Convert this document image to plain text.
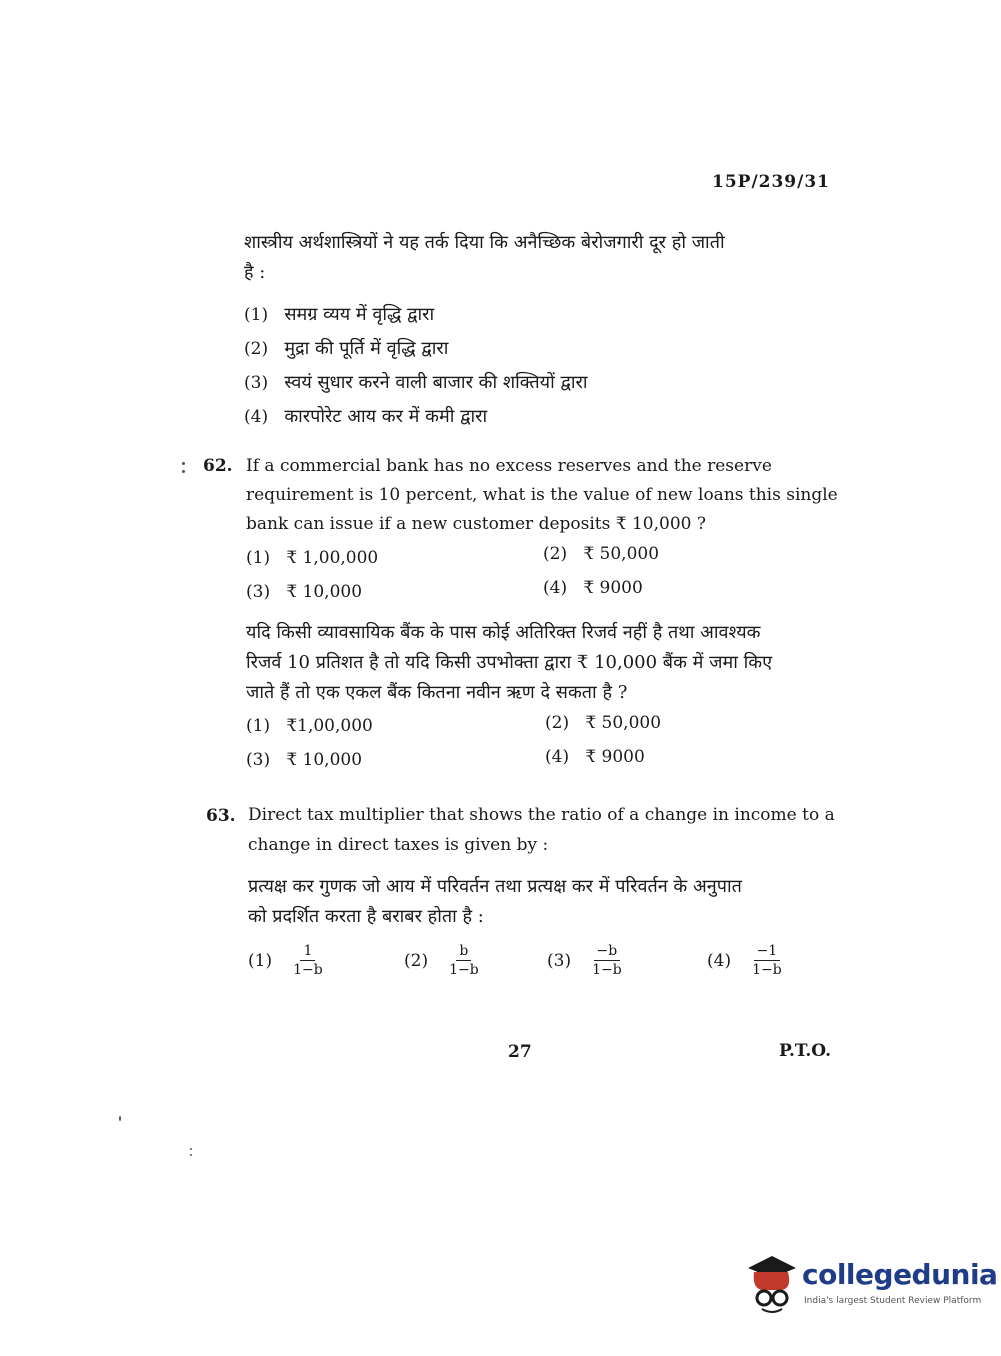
15P/239/31
शास्त्रीय अर्थशास्त्रियों ने यह तर्क दिया कि अनैच्छिक बेरोजगारी दूर हो जाती
है :
(1) समग्र व्यय में वृद्धि द्वारा
(2) मुद्रा की पूर्ति में वृद्धि द्वारा
(3) स्वयं सुधार करने वाली बाजार की शक्तियों द्वारा
(4) कारपोरेट आय कर में कमी द्वारा
62. If a commercial bank has no excess reserves and the reserve
requirement is 10 percent, what is the value of new loans this single
bank can issue if a new customer deposits ₹ 10,000 ?
(1) ₹ 1,00,000	(2) ₹ 50,000
(3) ₹ 10,000	(4) ₹ 9000
यदि किसी व्यावसायिक बैंक के पास कोई अतिरिक्त रिजर्व नहीं है तथा आवश्यक
रिजर्व 10 प्रतिशत है तो यदि किसी उपभोक्ता द्वारा ₹ 10,000 बैंक में जमा किए
जाते हैं तो एक एकल बैंक कितना नवीन ऋण दे सकता है ?
(1) ₹1,00,000	(2) ₹ 50,000
(3) ₹ 10,000	(4) ₹ 9000
63. Direct tax multiplier that shows the ratio of a change in income to a
change in direct taxes is given by :
प्रत्यक्ष कर गुणक जो आय में परिवर्तन तथा प्रत्यक्ष कर में परिवर्तन के अनुपात
को प्रदर्शित करता है बराबर होता है :
$(1) \frac{1}{1-b}$	$(2) \frac{b}{1-b}$	$(3) \frac{-b}{1-b}$	$(4) \frac{-1}{1-b}$
27	P.T.O.
collegedunia
India's largest Student Review Platform
